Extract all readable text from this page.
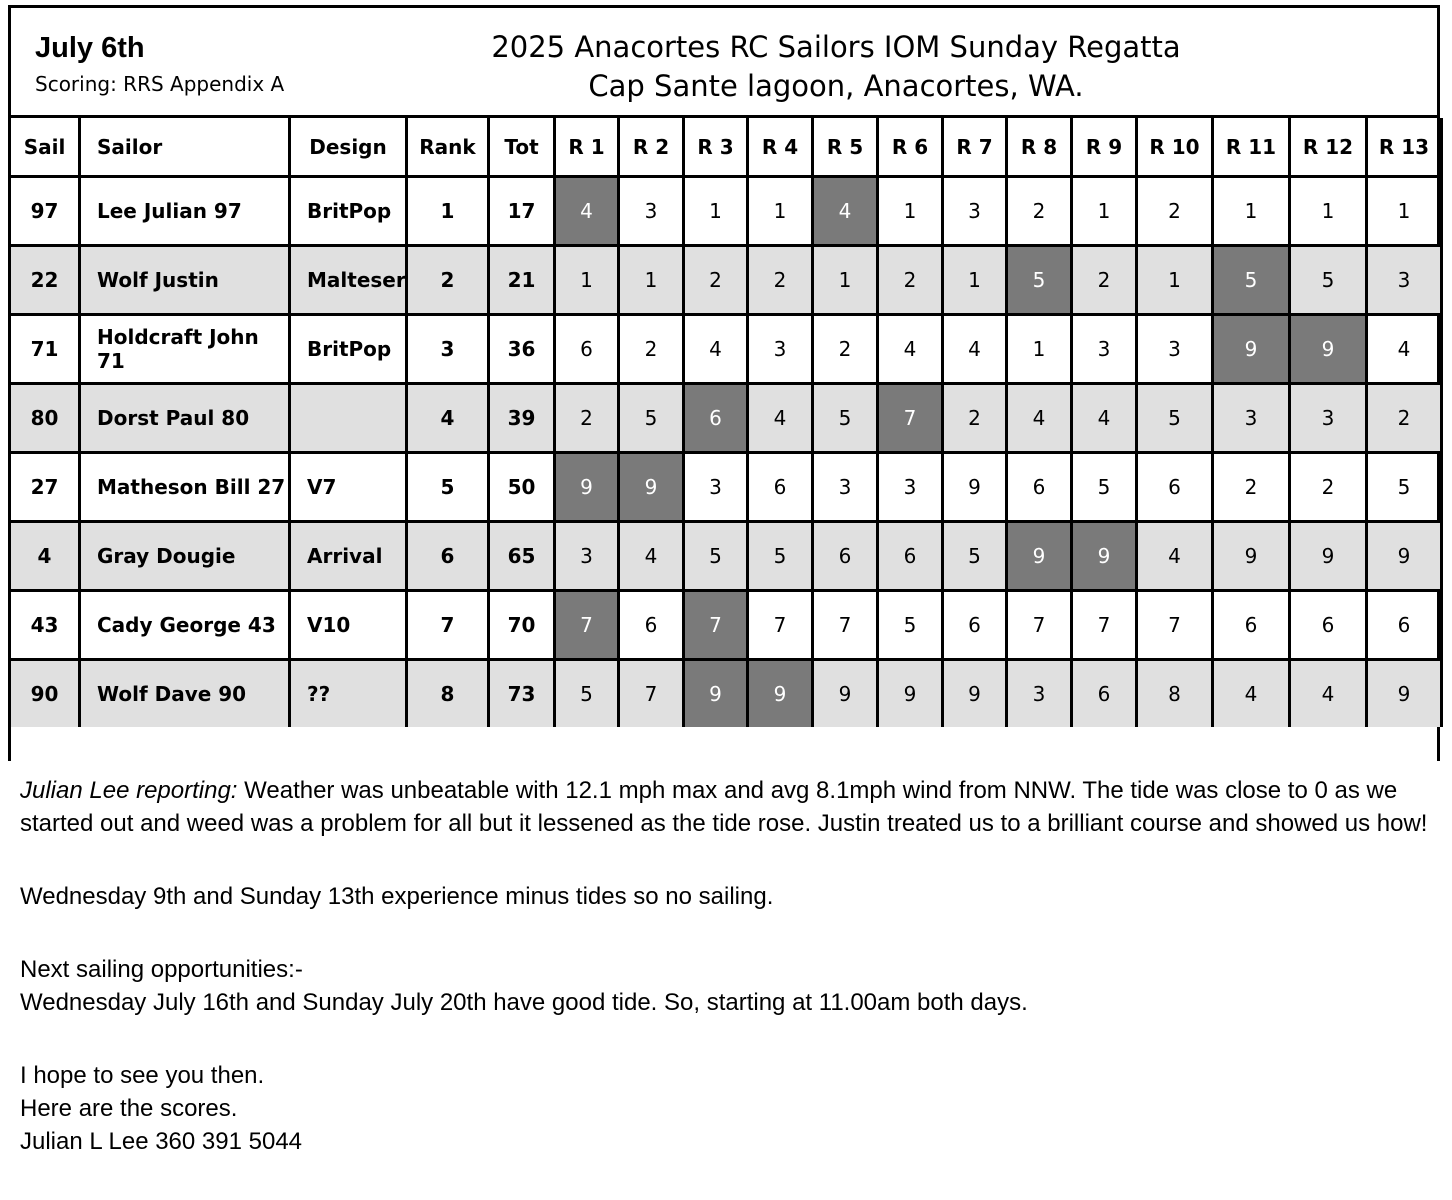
July 6th
Scoring: RRS Appendix A
2025 Anacortes RC Sailors IOM Sunday Regatta
Cap Sante lagoon, Anacortes, WA.
Sail	Sailor	Design	Rank	Tot	R 1	R 2	R 3	R 4	R 5	R 6	R 7	R 8	R 9	R 10	R 11	R 12	R 13
97	Lee Julian 97	BritPop	1	17	4	3	1	1	4	1	3	2	1	2	1	1	1
22	Wolf Justin	Malteser	2	21	1	1	2	2	1	2	1	5	2	1	5	5	3
71	Holdcraft John 71	BritPop	3	36	6	2	4	3	2	4	4	1	3	3	9	9	4
80	Dorst Paul 80		4	39	2	5	6	4	5	7	2	4	4	5	3	3	2
27	Matheson Bill 27	V7	5	50	9	9	3	6	3	3	9	6	5	6	2	2	5
4	Gray Dougie	Arrival	6	65	3	4	5	5	6	6	5	9	9	4	9	9	9
43	Cady George 43	V10	7	70	7	6	7	7	7	5	6	7	7	7	6	6	6
90	Wolf Dave 90	??	8	73	5	7	9	9	9	9	9	3	6	8	4	4	9

Julian Lee reporting: Weather was unbeatable with 12.1 mph max and avg 8.1mph wind from NNW. The tide was close to 0 as we started out and weed was a problem for all but it lessened as the tide rose. Justin treated us to a brilliant course and showed us how!

Wednesday 9th and Sunday 13th experience minus tides so no sailing.

Next sailing opportunities:-

Wednesday July 16th and Sunday July 20th have good tide. So, starting at 11.00am both days.

I hope to see you then.

Here are the scores.

Julian L Lee 360 391 5044
